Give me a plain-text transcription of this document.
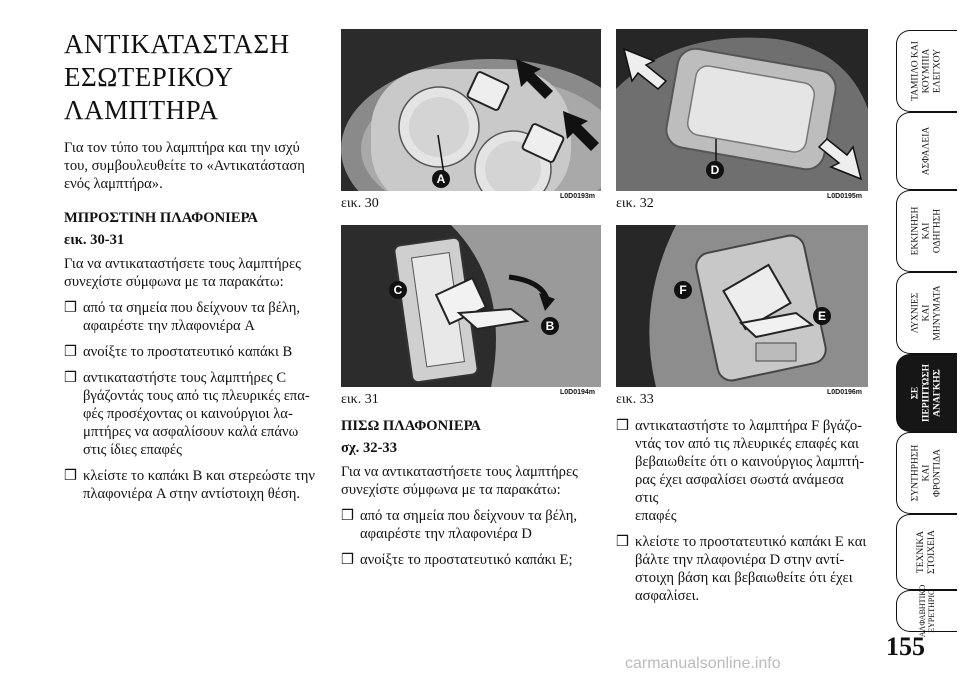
ΑΝΤΙΚΑΤΑΣΤΑΣΗ
ΕΣΩΤΕΡΙΚΟΥ
ΛΑΜΠΤΗΡΑ
Για τον τύπο του λαμπτήρα και την ισχύ
του, συμβουλευθείτε το «Αντικατάσταση
ενός λαμπτήρα».
ΜΠΡΟΣΤΙΝΗ ΠΛΑΦΟΝΙΕΡΑ
εικ. 30-31
Για να αντικαταστήσετε τους λαμπτήρες
συνεχίστε σύμφωνα με τα παρακάτω:
❒ από τα σημεία που δείχνουν τα βέλη,
αφαιρέστε την πλαφονιέρα A
❒ ανοίξτε το προστατευτικό καπάκι B
❒ αντικαταστήστε τους λαμπτήρες C
βγάζοντάς τους από τις πλευρικές επα-
φές προσέχοντας οι καινούργιοι λα-
μπτήρες να ασφαλίσουν καλά επάνω
στις ίδιες επαφές
❒ κλείστε το καπάκι B και στερεώστε την
πλαφονιέρα A στην αντίστοιχη θέση.
A
εικ. 30	L0D0193m
D
εικ. 32	L0D0195m
C
B
εικ. 31	L0D0194m
F
E
εικ. 33	L0D0196m
ΠΙΣΩ ΠΛΑΦΟΝΙΕΡΑ
σχ. 32-33
Για να αντικαταστήσετε τους λαμπτήρες
συνεχίστε σύμφωνα με τα παρακάτω:
❒ από τα σημεία που δείχνουν τα βέλη,
αφαιρέστε την πλαφονιέρα D
❒ ανοίξτε το προστατευτικό καπάκι E;
❒ αντικαταστήστε το λαμπτήρα F βγάζο-
ντάς τον από τις πλευρικές επαφές και
βεβαιωθείτε ότι ο καινούργιος λαμπτή-
ρας έχει ασφαλίσει σωστά ανάμεσα στις
επαφές
❒ κλείστε το προστατευτικό καπάκι E και
βάλτε την πλαφονιέρα D στην αντί-
στοιχη βάση και βεβαιωθείτε ότι έχει
ασφαλίσει.
ΤΑΜΠΛΟ ΚΑΙ ΚΟΥΜΠΙΑ ΕΛΕΓΧΟΥ
ΑΣΦΑΛΕΙΑ
ΕΚΚΙΝΗΣΗ ΚΑΙ ΟΔΗΓΗΣΗ
ΛΥΧΝΙΕΣ ΚΑΙ ΜΗΝΥΜΑΤΑ
ΣΕ ΠΕΡΙΠΤΩΣΗ ΑΝΑΓΚΗΣ
ΣΥΝΤΗΡΗΣΗ ΚΑΙ ΦΡΟΝΤΙΔΑ
ΤΕΧΝΙΚΑ ΣΤΟΙΧΕΙΑ
ΑΛΦΑΒΗΤΙΚΟ ΕΥΡΕΤΗΡΙΟ
155
carmanualsonline.info
